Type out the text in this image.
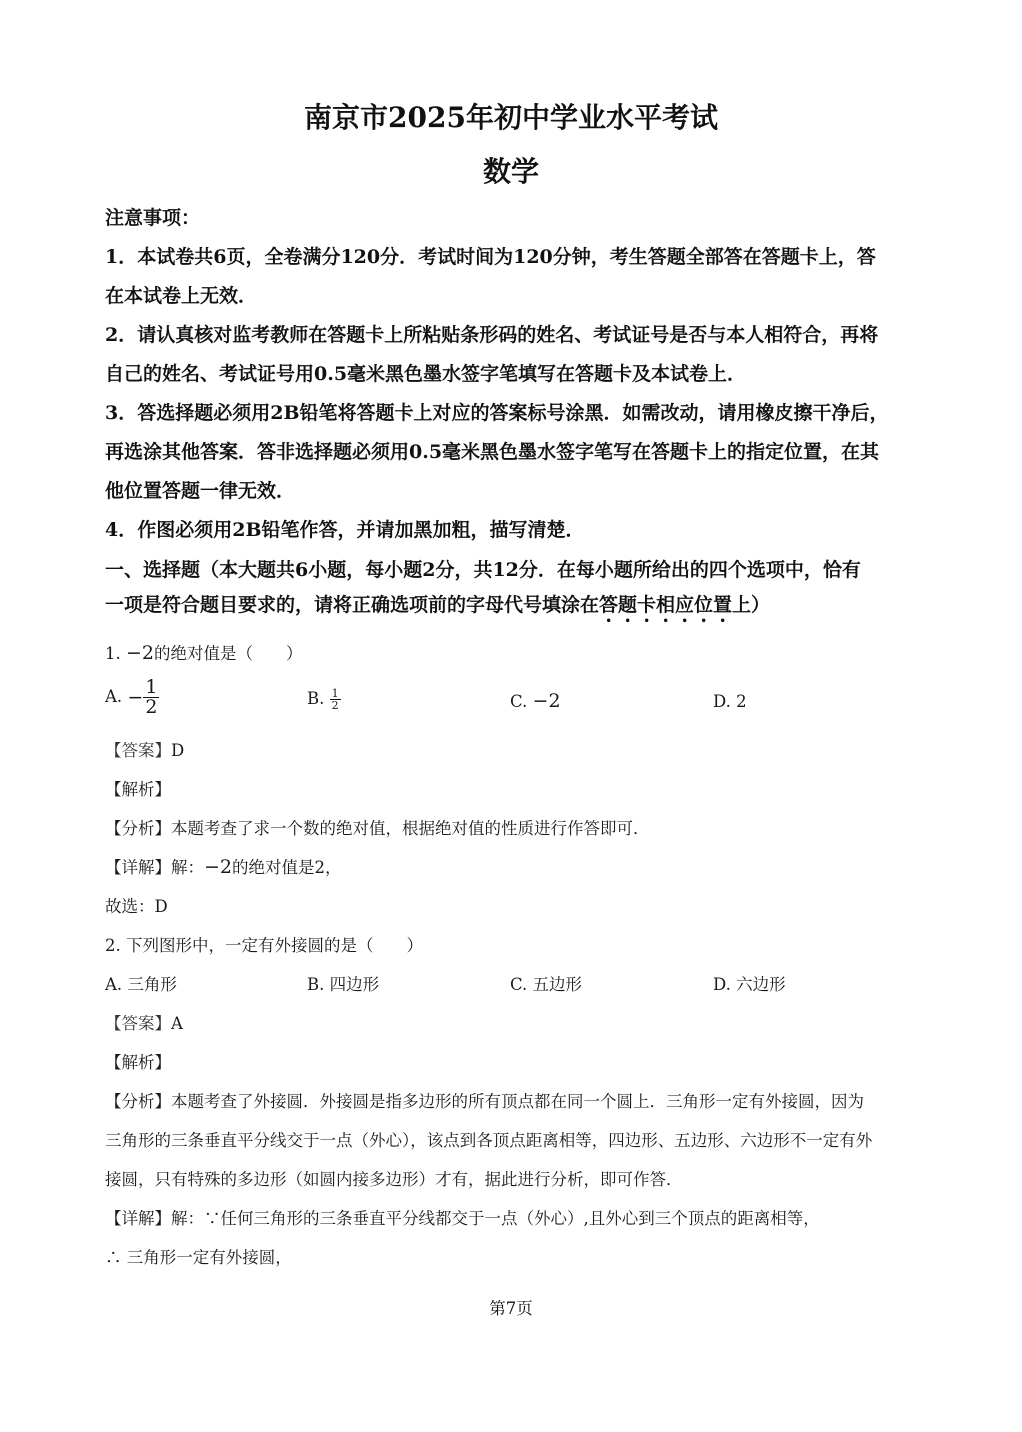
南京市2025年初中学业水平考试
数学
注意事项：
1．本试卷共6页，全卷满分120分．考试时间为120分钟，考生答题全部答在答题卡上，答
在本试卷上无效．
2．请认真核对监考教师在答题卡上所粘贴条形码的姓名、考试证号是否与本人相符合，再将
自己的姓名、考试证号用0.5毫米黑色墨水签字笔填写在答题卡及本试卷上．
3．答选择题必须用2B铅笔将答题卡上对应的答案标号涂黑．如需改动，请用橡皮擦干净后，
再选涂其他答案．答非选择题必须用0.5毫米黑色墨水签字笔写在答题卡上的指定位置，在其
他位置答题一律无效．
4．作图必须用2B铅笔作答，并请加黑加粗，描写清楚．
一、选择题（本大题共6小题，每小题2分，共12分．在每小题所给出的四个选项中，恰有
一项是符合题目要求的，请将正确选项前的字母代号填涂在答题卡相应位置上）
1. −2的绝对值是（　　）
A. − $\frac{1}{2}$	B. $\frac{1}{2}$	C. −2	D. 2
【答案】D
【解析】
【分析】本题考查了求一个数的绝对值，根据绝对值的性质进行作答即可．
【详解】解：−2的绝对值是2，
故选：D
2. 下列图形中，一定有外接圆的是（　　）
A. 三角形	B. 四边形	C. 五边形	D. 六边形
【答案】A
【解析】
【分析】本题考查了外接圆．外接圆是指多边形的所有顶点都在同一个圆上．三角形一定有外接圆，因为
三角形的三条垂直平分线交于一点（外心），该点到各顶点距离相等，四边形、五边形、六边形不一定有外
接圆，只有特殊的多边形（如圆内接多边形）才有，据此进行分析，即可作答．
【详解】解：∵任何三角形的三条垂直平分线都交于一点（外心）,且外心到三个顶点的距离相等，
∴ 三角形一定有外接圆，
第7页
